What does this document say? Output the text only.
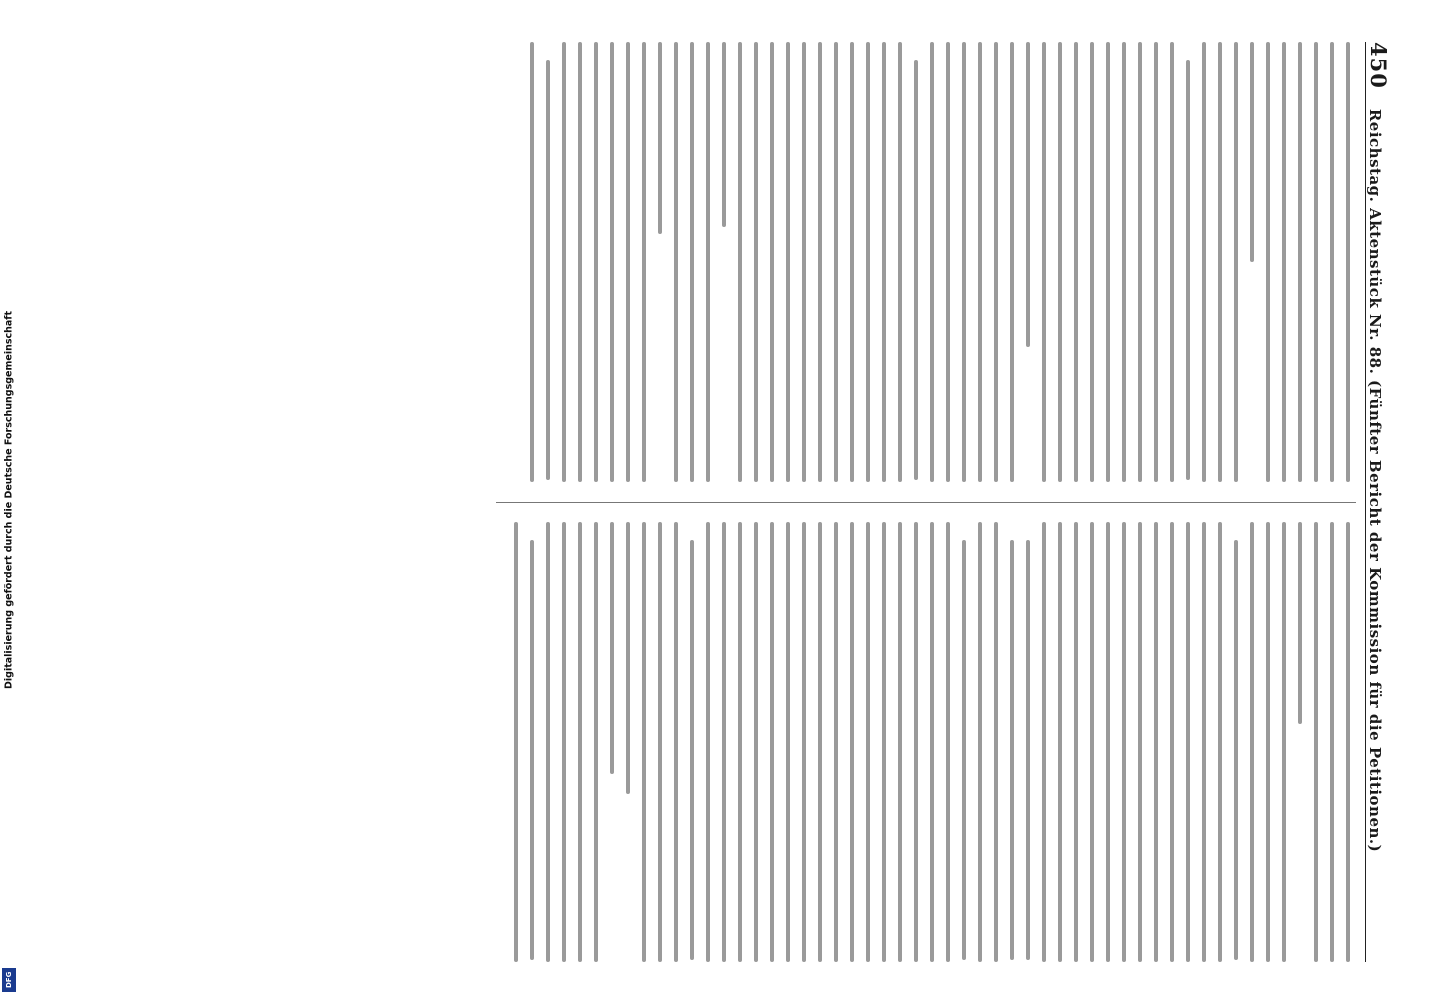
Digitalisierung gefördert durch die Deutsche Forschungsgemeinschaft
DFG
450
Reichstag. Aktenstück Nr. 88. (Fünfter Bericht der Kommission für die Petitionen.)
